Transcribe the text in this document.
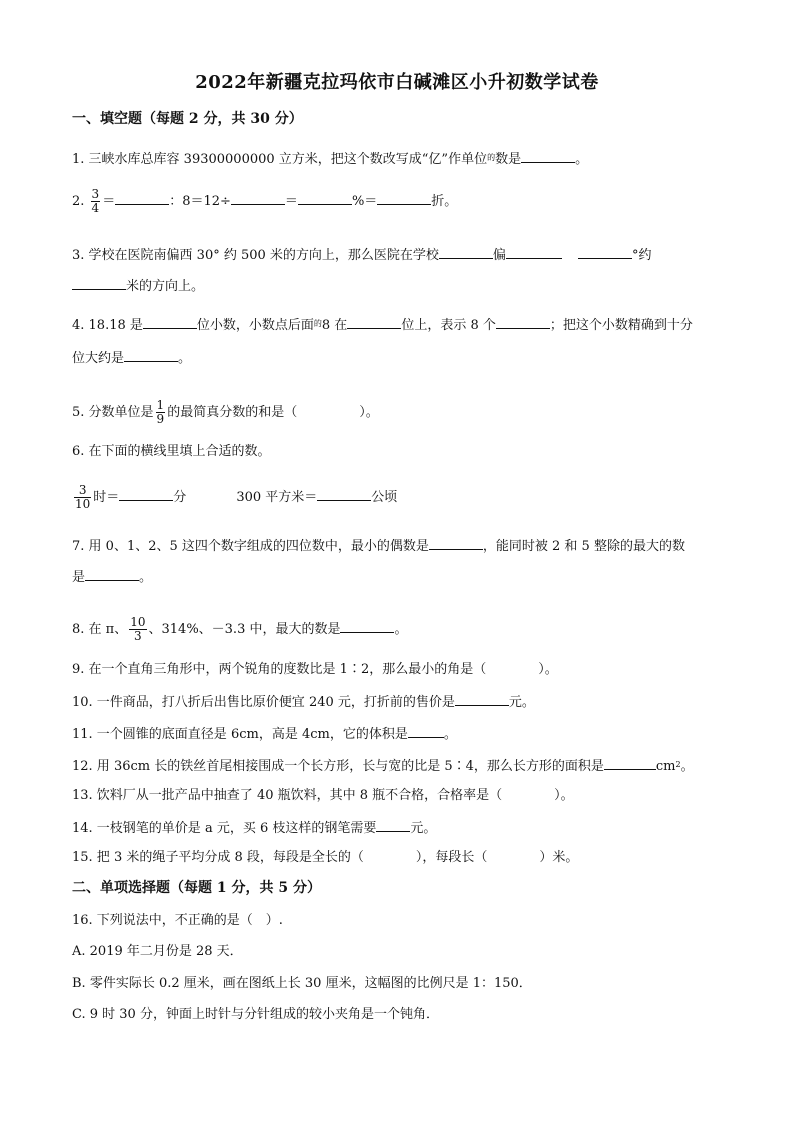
2022年新疆克拉玛依市白碱滩区小升初数学试卷
一、填空题（每题 2 分，共 30 分）
1. 三峡水库总库容 39300000000 立方米，把这个数改写成“亿”作单位$^的$数是	。
2. $\frac{3}{4}$ ＝	：8＝12÷	＝	%＝	折。
3. 学校在医院南偏西 30° 约 500 米的方向上，那么医院在学校	偏	°约
米的方向上。
4. 18.18 是	位小数，小数点后面$^的$8 在	位上，表示 8 个	；把这个小数精确到十分
位大约是	。
5. 分数单位是 $\frac{1}{9}$ 的最简真分数的和是（	）。
6. 在下面的横线里填上合适的数。
$\frac{3}{10}$ 时＝	分	300 平方米＝	公顷
7. 用 0、1、2、5 这四个数字组成的四位数中，最小的偶数是	，能同时被 2 和 5 整除的最大的数
是	。
8. 在 π、 $\frac{10}{3}$ 、314%、－3.3 中，最大的数是	。
9. 在一个直角三角形中，两个锐角的度数比是 1∶2，那么最小的角是（　　　　）。
10. 一件商品，打八折后出售比原价便宜 240 元，打折前的售价是	元。
11. 一个圆锥的底面直径是 6cm，高是 4cm，它的体积是	。
12. 用 36cm 长的铁丝首尾相接围成一个长方形，长与宽的比是 5∶4，那么长方形的面积是	$cm^2$。
13. 饮料厂从一批产品中抽查了 40 瓶饮料，其中 8 瓶不合格，合格率是（　　　　）。
14. 一枝钢笔的单价是 a 元，买 6 枝这样的钢笔需要	元。
15. 把 3 米的绳子平均分成 8 段，每段是全长的（　　　　），每段长（　　　　）米。
二、单项选择题（每题 1 分，共 5 分）
16. 下列说法中，不正确的是（　）.
A. 2019 年二月份是 28 天．
B. 零件实际长 0.2 厘米，画在图纸上长 30 厘米，这幅图的比例尺是 1：150．
C. 9 时 30 分，钟面上时针与分针组成的较小夹角是一个钝角．
